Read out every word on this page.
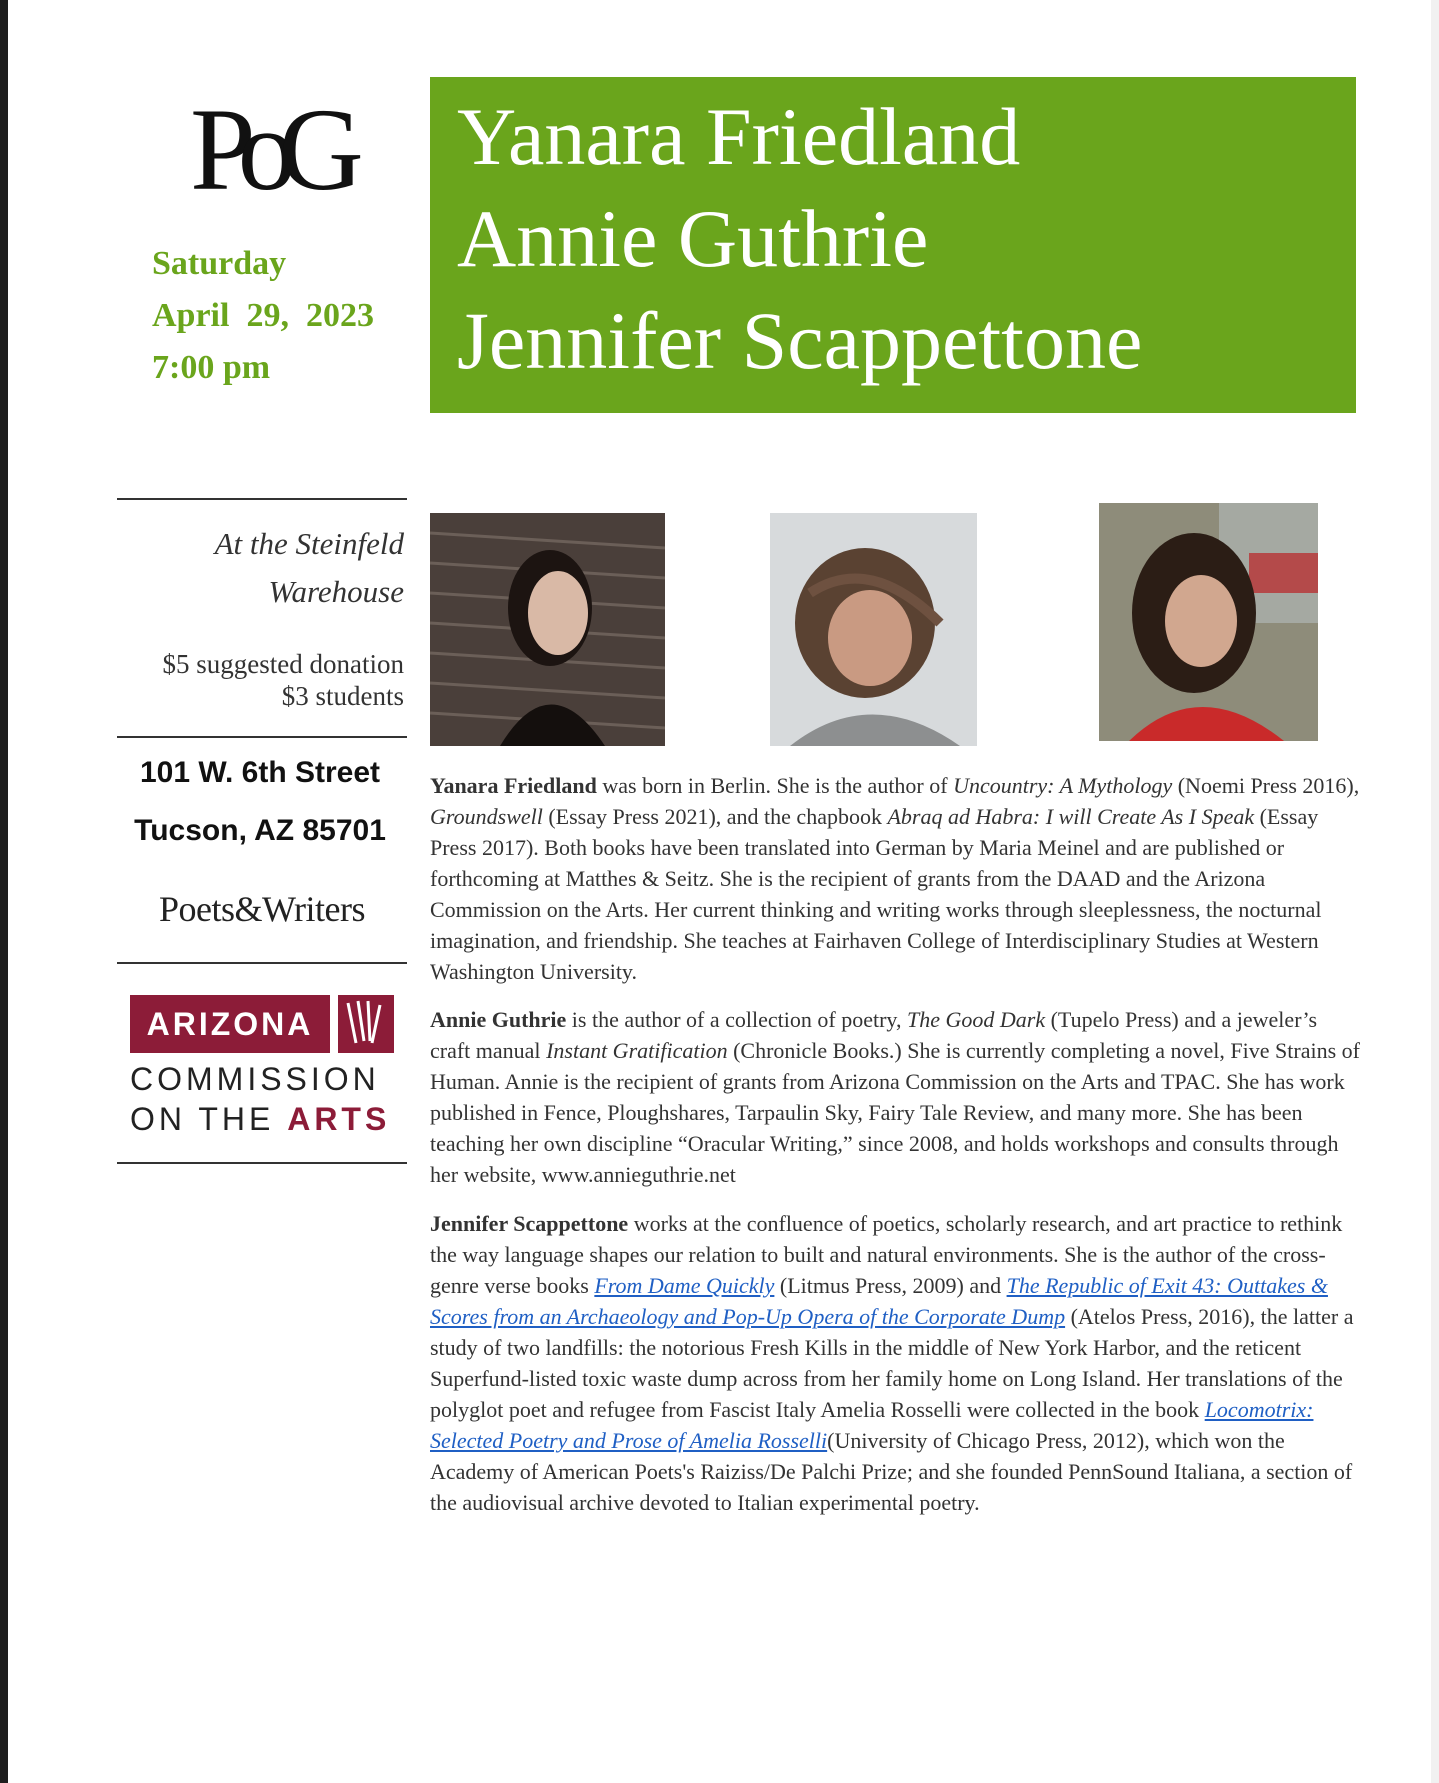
PoG
Saturday
April  29,  2023
7:00 pm
At the Steinfeld
Warehouse
$5 suggested donation
$3 students
101 W. 6th Street
Tucson, AZ 85701
Poets&Writers
ARIZONA
COMMISSION
ON THE ARTS
Yanara Friedland
Annie Guthrie
Jennifer Scappettone

Yanara Friedland was born in Berlin. She is the author of Uncountry: A Mythology (Noemi Press 2016), Groundswell (Essay Press 2021), and the chapbook Abraq ad Habra: I will Create As I Speak (Essay Press 2017). Both books have been translated into German by Maria Meinel and are published or forthcoming at Matthes & Seitz. She is the recipient of grants from the DAAD and the Arizona Commission on the Arts. Her current thinking and writing works through sleeplessness, the nocturnal imagination, and friendship. She teaches at Fairhaven College of Interdisciplinary Studies at Western Washington University.

Annie Guthrie is the author of a collection of poetry, The Good Dark (Tupelo Press) and a jeweler’s craft manual Instant Gratification (Chronicle Books.) She is currently completing a novel, Five Strains of Human. Annie is the recipient of grants from Arizona Commission on the Arts and TPAC. She has work published in Fence, Ploughshares, Tarpaulin Sky, Fairy Tale Review, and many more. She has been teaching her own discipline “Oracular Writing,” since 2008, and holds workshops and consults through her website, www.annieguthrie.net

Jennifer Scappettone works at the confluence of poetics, scholarly research, and art practice to rethink the way language shapes our relation to built and natural environments. She is the author of the cross-genre verse books From Dame Quickly (Litmus Press, 2009) and The Republic of Exit 43: Outtakes & Scores from an Archaeology and Pop-Up Opera of the Corporate Dump (Atelos Press, 2016), the latter a study of two landfills: the notorious Fresh Kills in the middle of New York Harbor, and the reticent Superfund-listed toxic waste dump across from her family home on Long Island. Her translations of the polyglot poet and refugee from Fascist Italy Amelia Rosselli were collected in the book Locomotrix: Selected Poetry and Prose of Amelia Rosselli(University of Chicago Press, 2012), which won the Academy of American Poets's Raiziss/De Palchi Prize; and she founded PennSound Italiana, a section of the audiovisual archive devoted to Italian experimental poetry.
